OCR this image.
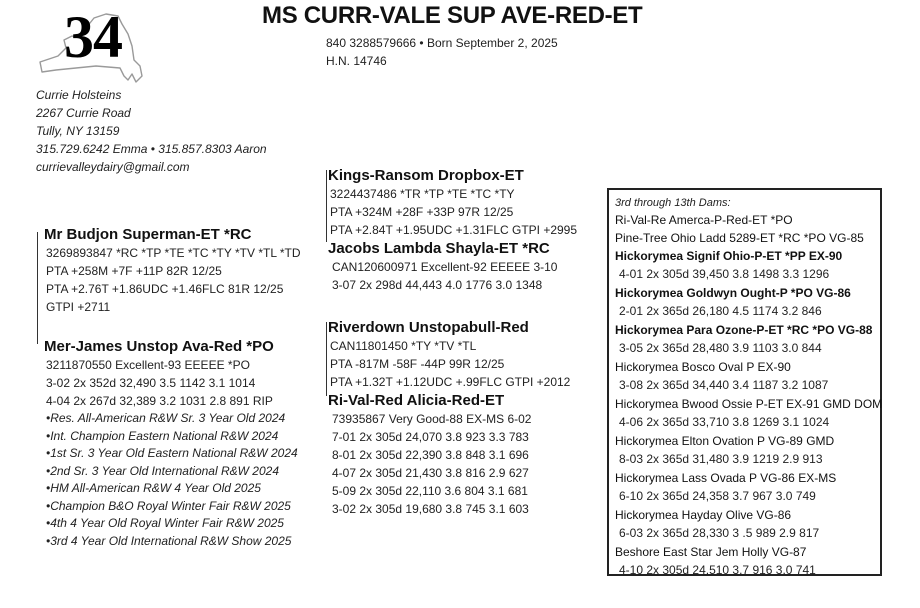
34	MS CURR-VALE SUP AVE-RED-ET
840 3288579666 • Born September 2, 2025
H.N. 14746
Currie Holsteins
2267 Currie Road
Tully, NY 13159
315.729.6242 Emma • 315.857.8303 Aaron
currievalleydairy@gmail.com
Mr Budjon Superman-ET *RC
3269893847 *RC *TP *TE *TC *TY *TV *TL *TD
PTA +258M +7F +11P 82R 12/25
PTA +2.76T +1.86UDC +1.46FLC 81R 12/25
GTPI +2711
Kings-Ransom Dropbox-ET
3224437486 *TR *TP *TE *TC *TY
PTA +324M +28F +33P 97R 12/25
PTA +2.84T +1.95UDC +1.31FLC GTPI +2995
Jacobs Lambda Shayla-ET *RC
CAN120600971 Excellent-92 EEEEE 3-10
3-07 2x 298d 44,443 4.0 1776 3.0 1348
Mer-James Unstop Ava-Red *PO
3211870550 Excellent-93 EEEEE *PO
3-02 2x 352d 32,490 3.5 1142 3.1 1014
4-04 2x 267d 32,389 3.2 1031 2.8 891 RIP
•Res. All-American R&W Sr. 3 Year Old 2024
•Int. Champion Eastern National R&W 2024
•1st Sr. 3 Year Old Eastern National R&W 2024
•2nd Sr. 3 Year Old International R&W 2024
•HM All-American R&W 4 Year Old 2025
•Champion B&O Royal Winter Fair R&W 2025
•4th 4 Year Old Royal Winter Fair R&W 2025
•3rd 4 Year Old International R&W Show 2025
Riverdown Unstopabull-Red
CAN11801450 *TY *TV *TL
PTA -817M -58F -44P 99R 12/25
PTA +1.32T +1.12UDC +.99FLC GTPI +2012
Ri-Val-Red Alicia-Red-ET
73935867 Very Good-88 EX-MS 6-02
7-01 2x 305d 24,070 3.8 923 3.3 783
8-01 2x 305d 22,390 3.8 848 3.1 696
4-07 2x 305d 21,430 3.8 816 2.9 627
5-09 2x 305d 22,110 3.6 804 3.1 681
3-02 2x 305d 19,680 3.8 745 3.1 603
3rd through 13th Dams:
Ri-Val-Re Amerca-P-Red-ET *PO
Pine-Tree Ohio Ladd 5289-ET *RC *PO VG-85
Hickorymea Signif Ohio-P-ET *PP EX-90
4-01 2x 305d 39,450 3.8 1498 3.3 1296
Hickorymea Goldwyn Ought-P *PO VG-86
2-01 2x 365d 26,180 4.5 1174 3.2 846
Hickorymea Para Ozone-P-ET *RC *PO VG-88
3-05 2x 365d 28,480 3.9 1103 3.0 844
Hickorymea Bosco Oval P EX-90
3-08 2x 365d 34,440 3.4 1187 3.2 1087
Hickorymea Bwood Ossie P-ET EX-91 GMD DOM
4-06 2x 365d 33,710 3.8 1269 3.1 1024
Hickorymea Elton Ovation P VG-89 GMD
8-03 2x 365d 31,480 3.9 1219 2.9 913
Hickorymea Lass Ovada P VG-86 EX-MS
6-10 2x 365d 24,358 3.7 967 3.0 749
Hickorymea Hayday Olive VG-86
6-03 2x 365d 28,330 3 .5 989 2.9 817
Beshore East Star Jem Holly VG-87
4-10 2x 305d 24,510 3.7 916 3.0 741
